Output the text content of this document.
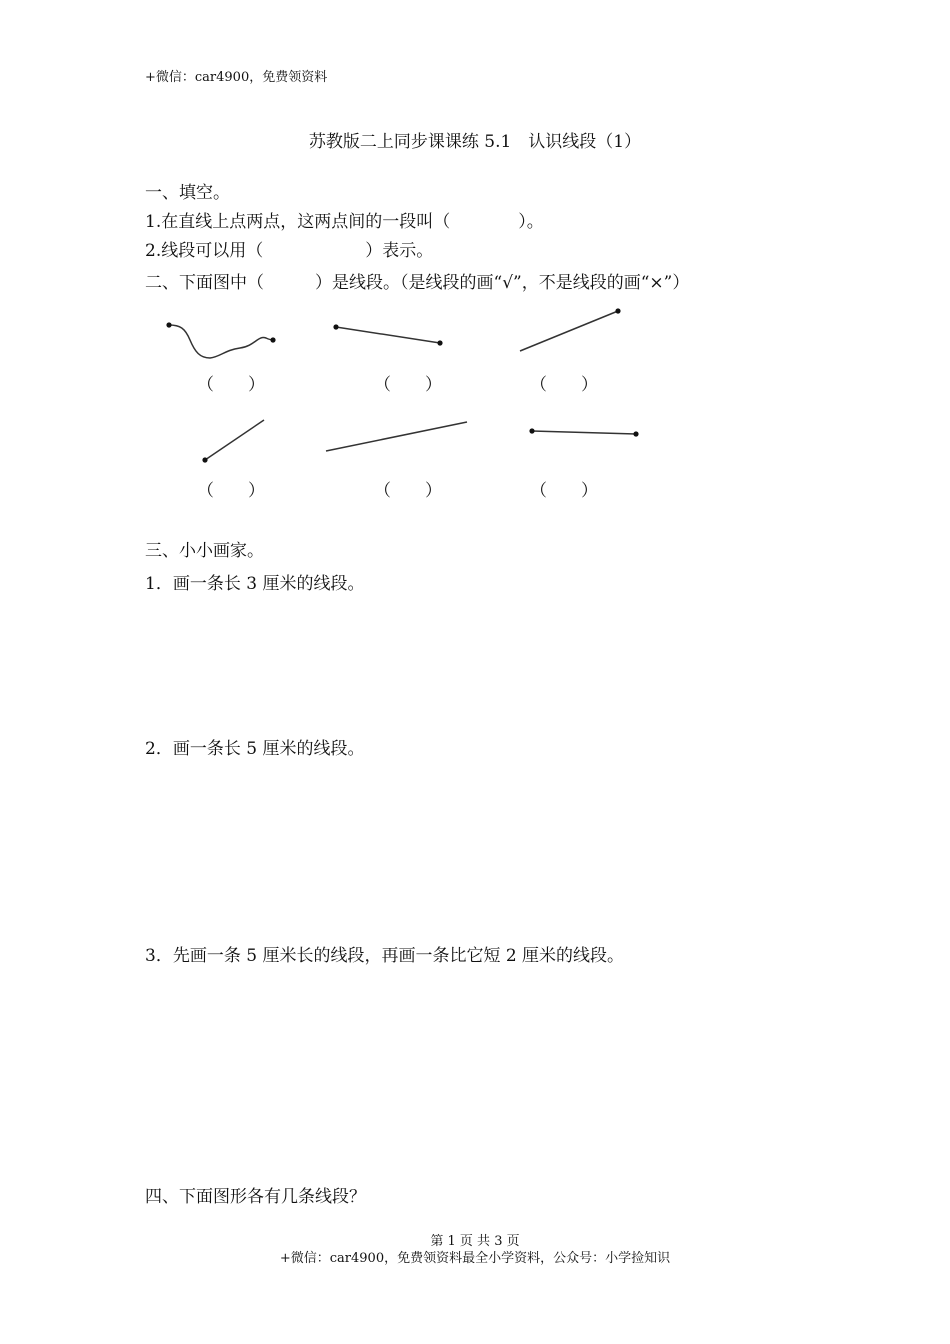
+微信：car4900，免费领资料
苏教版二上同步课课练 5.1　认识线段（1）
一、填空。
1.在直线上点两点，这两点间的一段叫（　　　　）。
2.线段可以用（　　　　　　）表示。
二、下面图中（　　　）是线段。（是线段的画“√”，不是线段的画“×”）
（　　）	（　　）	（　　）
（　　）	（　　）	（　　）
三、小小画家。
1．画一条长 3 厘米的线段。
2．画一条长 5 厘米的线段。
3．先画一条 5 厘米长的线段，再画一条比它短 2 厘米的线段。
四、下面图形各有几条线段？
第 1 页 共 3 页
+微信：car4900，免费领资料最全小学资料，公众号：小学捡知识
